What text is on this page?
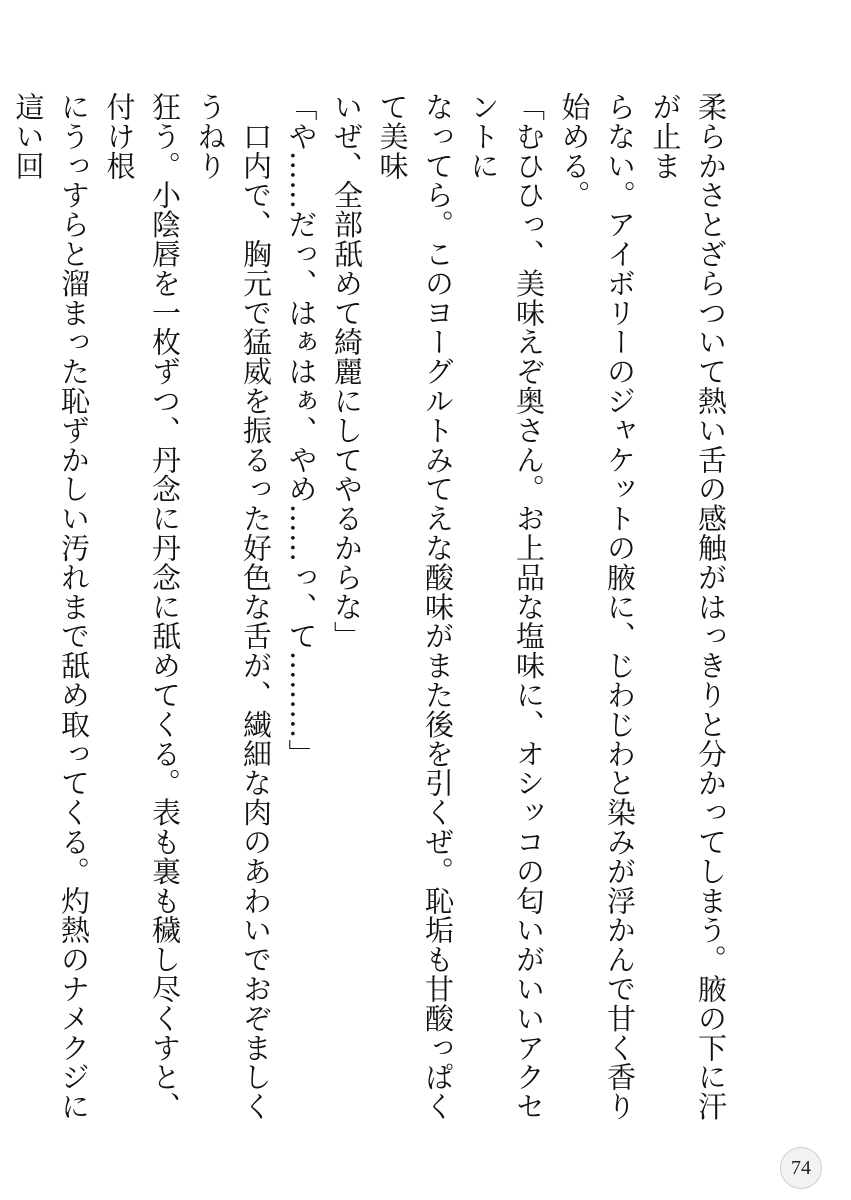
柔らかさとざらついて熱い舌の感触がはっきりと分かってしまう。腋の下に汗が止ま

らない。アイボリーのジャケットの腋に、じわじわと染みが浮かんで甘く香り始める。

「むひひっ、美味えぞ奥さん。お上品な塩味に、オシッコの匂いがいいアクセントに

なってら。このヨーグルトみてえな酸味がまた後を引くぜ。恥垢も甘酸っぱくて美味

いぜ、全部舐めて綺麗にしてやるからな」

「や……だっ、はぁはぁ、やめ……っ、て………」

　口内で、胸元で猛威を振るった好色な舌が、繊細な肉のあわいでおぞましくうねり

狂う。小陰唇を一枚ずつ、丹念に丹念に舐めてくる。表も裏も穢し尽くすと、付け根

にうっすらと溜まった恥ずかしい汚れまで舐め取ってくる。灼熱のナメクジに這い回

74
